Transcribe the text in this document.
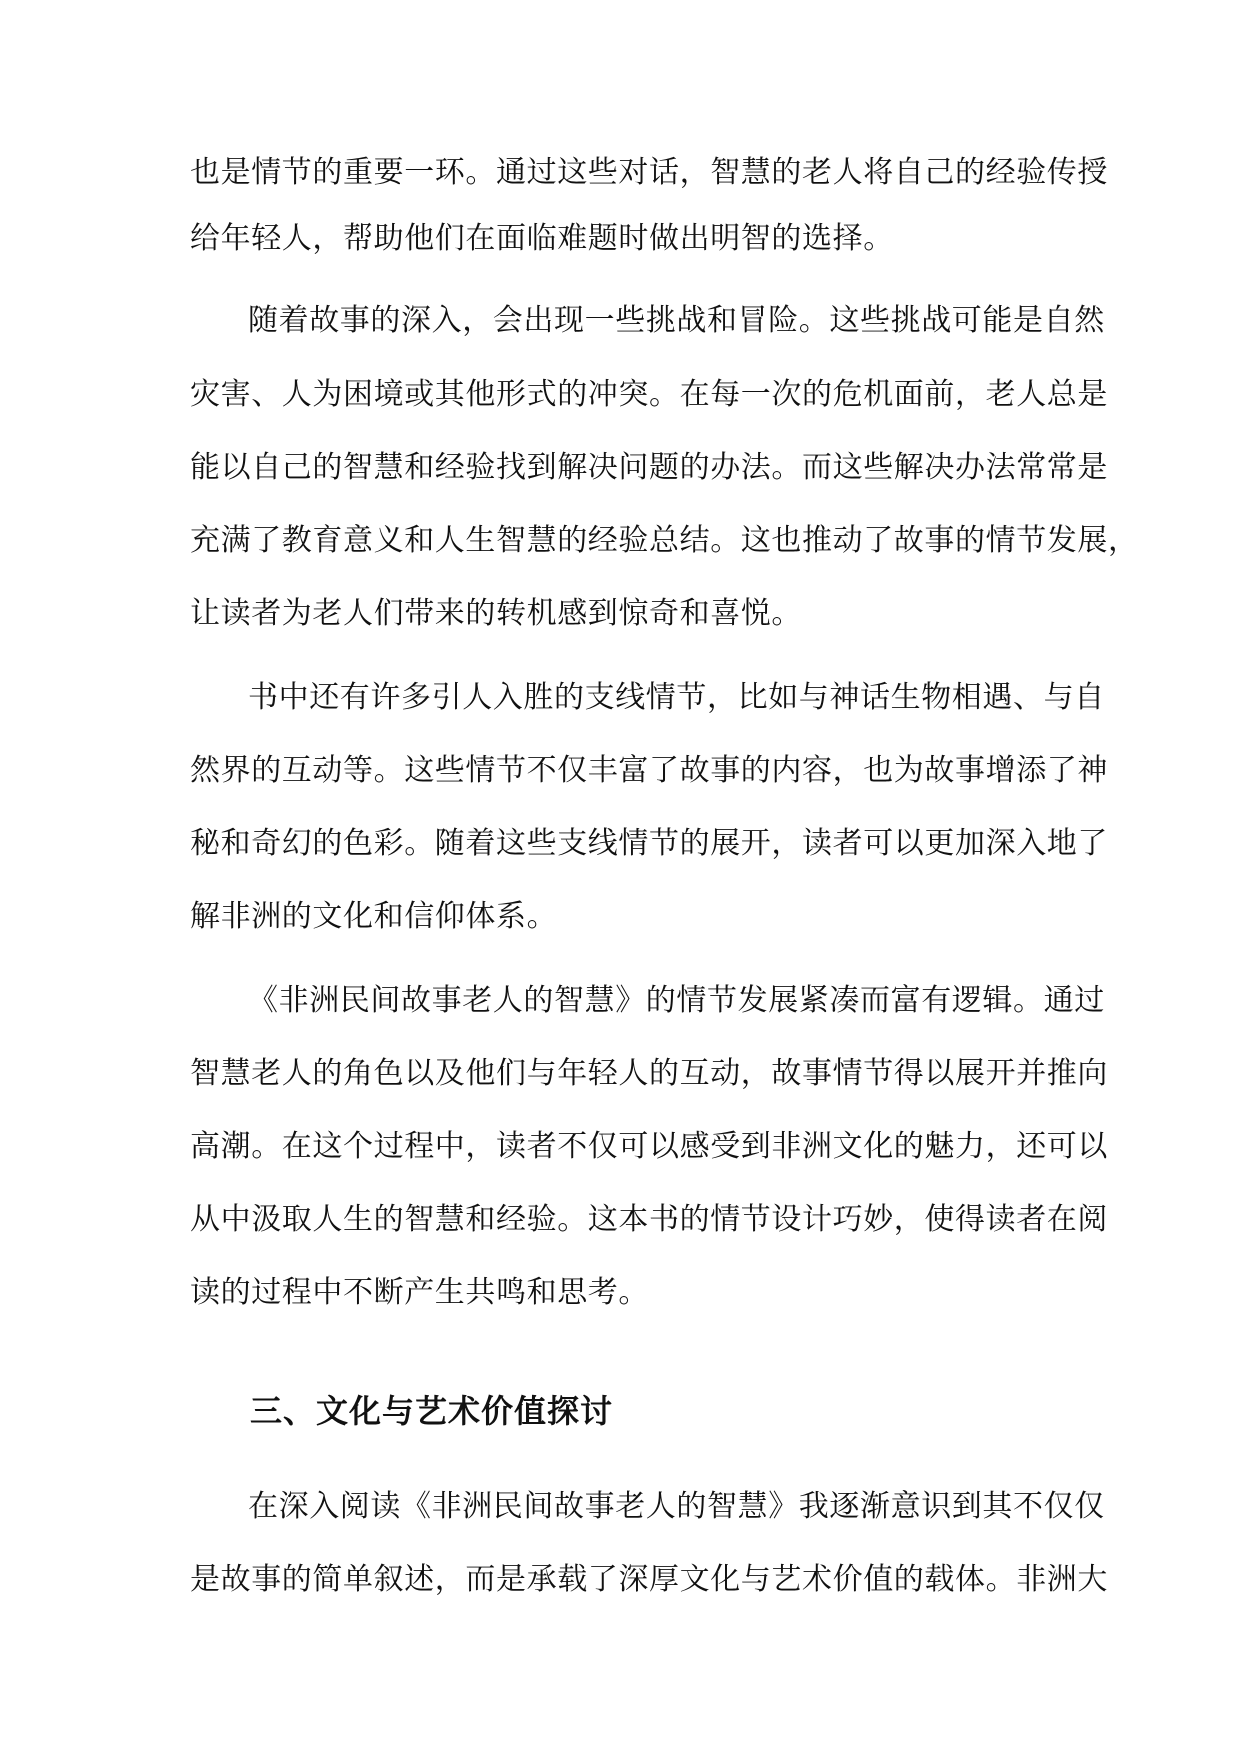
也是情节的重要一环。通过这些对话，智慧的老人将自己的经验传授
给年轻人，帮助他们在面临难题时做出明智的选择。
随着故事的深入，会出现一些挑战和冒险。这些挑战可能是自然
灾害、人为困境或其他形式的冲突。在每一次的危机面前，老人总是
能以自己的智慧和经验找到解决问题的办法。而这些解决办法常常是
充满了教育意义和人生智慧的经验总结。这也推动了故事的情节发展，
让读者为老人们带来的转机感到惊奇和喜悦。
书中还有许多引人入胜的支线情节，比如与神话生物相遇、与自
然界的互动等。这些情节不仅丰富了故事的内容，也为故事增添了神
秘和奇幻的色彩。随着这些支线情节的展开，读者可以更加深入地了
解非洲的文化和信仰体系。
《非洲民间故事老人的智慧》的情节发展紧凑而富有逻辑。通过
智慧老人的角色以及他们与年轻人的互动，故事情节得以展开并推向
高潮。在这个过程中，读者不仅可以感受到非洲文化的魅力，还可以
从中汲取人生的智慧和经验。这本书的情节设计巧妙，使得读者在阅
读的过程中不断产生共鸣和思考。
三、文化与艺术价值探讨
在深入阅读《非洲民间故事老人的智慧》我逐渐意识到其不仅仅
是故事的简单叙述，而是承载了深厚文化与艺术价值的载体。非洲大
